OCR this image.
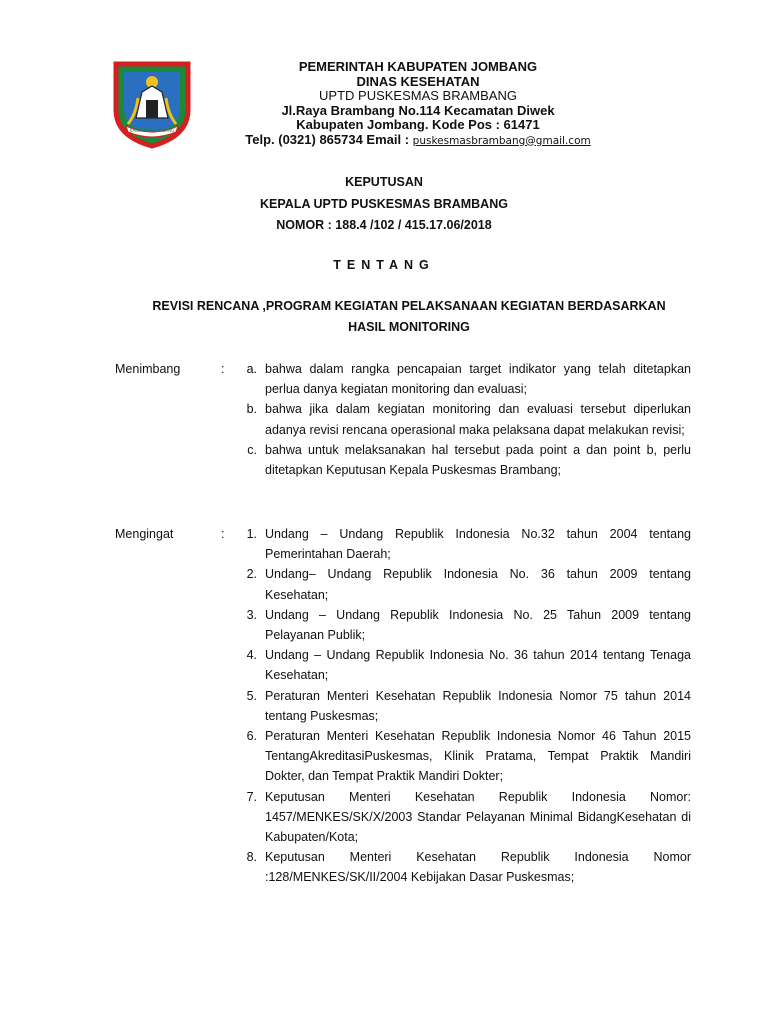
KABUPATEN JOMBANG
PEMERINTAH KABUPATEN JOMBANG
DINAS KESEHATAN
UPTD PUSKESMAS BRAMBANG
Jl.Raya Brambang No.114 Kecamatan Diwek
Kabupaten Jombang. Kode Pos : 61471
Telp. (0321) 865734 Email : puskesmasbrambang@gmail.com
KEPUTUSAN
KEPALA UPTD PUSKESMAS BRAMBANG
NOMOR : 188.4 /102 / 415.17.06/2018
TENTANG
REVISI RENCANA ,PROGRAM KEGIATAN PELAKSANAAN KEGIATAN BERDASARKAN
HASIL MONITORING
Menimbang	:	a. bahwa dalam rangka pencapaian target indikator yang telah ditetapkan perlua danya kegiatan monitoring dan evaluasi;
b. bahwa jika dalam kegiatan monitoring dan evaluasi tersebut diperlukan adanya revisi rencana operasional maka pelaksana dapat melakukan revisi;
c. bahwa untuk melaksanakan hal tersebut pada point a dan point b, perlu ditetapkan Keputusan Kepala Puskesmas Brambang;
Mengingat	:	1. Undang – Undang Republik Indonesia No.32 tahun 2004 tentang Pemerintahan Daerah;
2. Undang– Undang Republik Indonesia No. 36 tahun 2009 tentang Kesehatan;
3. Undang – Undang Republik Indonesia No. 25 Tahun 2009 tentang Pelayanan Publik;
4. Undang – Undang Republik Indonesia No. 36 tahun 2014 tentang Tenaga Kesehatan;
5. Peraturan Menteri Kesehatan Republik Indonesia Nomor 75 tahun 2014 tentang Puskesmas;
6. Peraturan Menteri Kesehatan Republik Indonesia Nomor 46 Tahun 2015 TentangAkreditasiPuskesmas, Klinik Pratama, Tempat Praktik Mandiri Dokter, dan Tempat Praktik Mandiri Dokter;
7. Keputusan Menteri Kesehatan Republik Indonesia Nomor: 1457/MENKES/SK/X/2003 Standar Pelayanan Minimal BidangKesehatan di Kabupaten/Kota;
8. Keputusan Menteri Kesehatan Republik Indonesia Nomor :128/MENKES/SK/II/2004 Kebijakan Dasar Puskesmas;
